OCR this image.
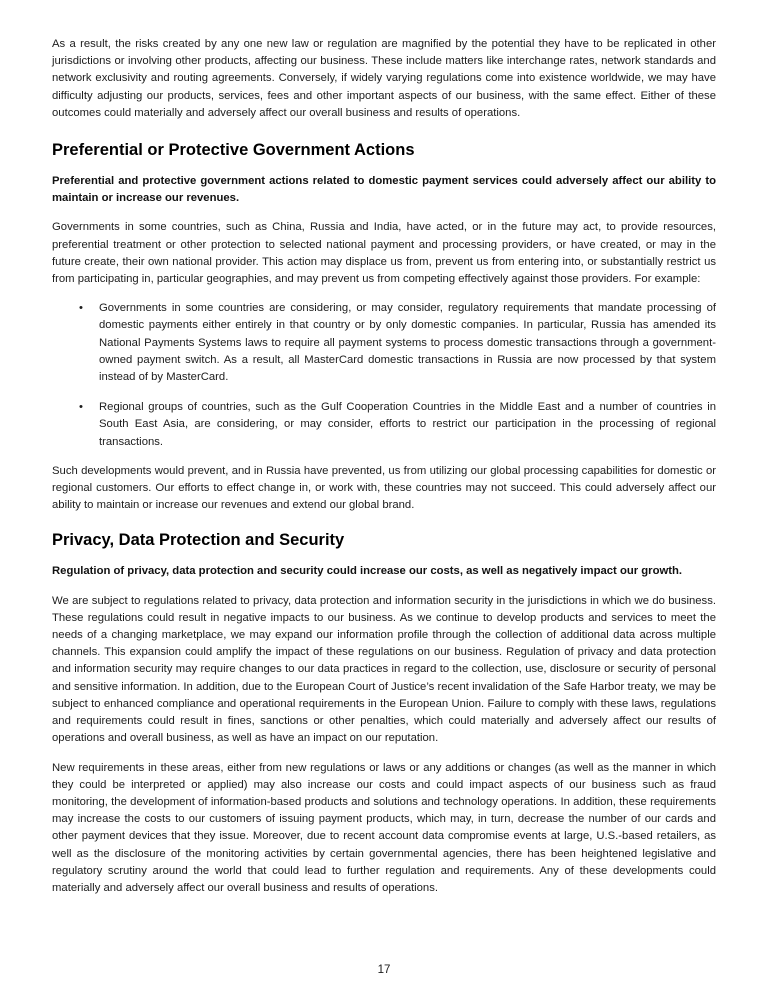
As a result, the risks created by any one new law or regulation are magnified by the potential they have to be replicated in other jurisdictions or involving other products, affecting our business. These include matters like interchange rates, network standards and network exclusivity and routing agreements. Conversely, if widely varying regulations come into existence worldwide, we may have difficulty adjusting our products, services, fees and other important aspects of our business, with the same effect. Either of these outcomes could materially and adversely affect our overall business and results of operations.

Preferential or Protective Government Actions

Preferential and protective government actions related to domestic payment services could adversely affect our ability to maintain or increase our revenues.

Governments in some countries, such as China, Russia and India, have acted, or in the future may act, to provide resources, preferential treatment or other protection to selected national payment and processing providers, or have created, or may in the future create, their own national provider. This action may displace us from, prevent us from entering into, or substantially restrict us from participating in, particular geographies, and may prevent us from competing effectively against those providers. For example:

• Governments in some countries are considering, or may consider, regulatory requirements that mandate processing of domestic payments either entirely in that country or by only domestic companies. In particular, Russia has amended its National Payments Systems laws to require all payment systems to process domestic transactions through a government-owned payment switch. As a result, all MasterCard domestic transactions in Russia are now processed by that system instead of by MasterCard.
• Regional groups of countries, such as the Gulf Cooperation Countries in the Middle East and a number of countries in South East Asia, are considering, or may consider, efforts to restrict our participation in the processing of regional transactions.

Such developments would prevent, and in Russia have prevented, us from utilizing our global processing capabilities for domestic or regional customers. Our efforts to effect change in, or work with, these countries may not succeed. This could adversely affect our ability to maintain or increase our revenues and extend our global brand.

Privacy, Data Protection and Security

Regulation of privacy, data protection and security could increase our costs, as well as negatively impact our growth.

We are subject to regulations related to privacy, data protection and information security in the jurisdictions in which we do business. These regulations could result in negative impacts to our business. As we continue to develop products and services to meet the needs of a changing marketplace, we may expand our information profile through the collection of additional data across multiple channels. This expansion could amplify the impact of these regulations on our business. Regulation of privacy and data protection and information security may require changes to our data practices in regard to the collection, use, disclosure or security of personal and sensitive information. In addition, due to the European Court of Justice’s recent invalidation of the Safe Harbor treaty, we may be subject to enhanced compliance and operational requirements in the European Union. Failure to comply with these laws, regulations and requirements could result in fines, sanctions or other penalties, which could materially and adversely affect our results of operations and overall business, as well as have an impact on our reputation.

New requirements in these areas, either from new regulations or laws or any additions or changes (as well as the manner in which they could be interpreted or applied) may also increase our costs and could impact aspects of our business such as fraud monitoring, the development of information-based products and solutions and technology operations. In addition, these requirements may increase the costs to our customers of issuing payment products, which may, in turn, decrease the number of our cards and other payment devices that they issue. Moreover, due to recent account data compromise events at large, U.S.-based retailers, as well as the disclosure of the monitoring activities by certain governmental agencies, there has been heightened legislative and regulatory scrutiny around the world that could lead to further regulation and requirements. Any of these developments could materially and adversely affect our overall business and results of operations.

17
